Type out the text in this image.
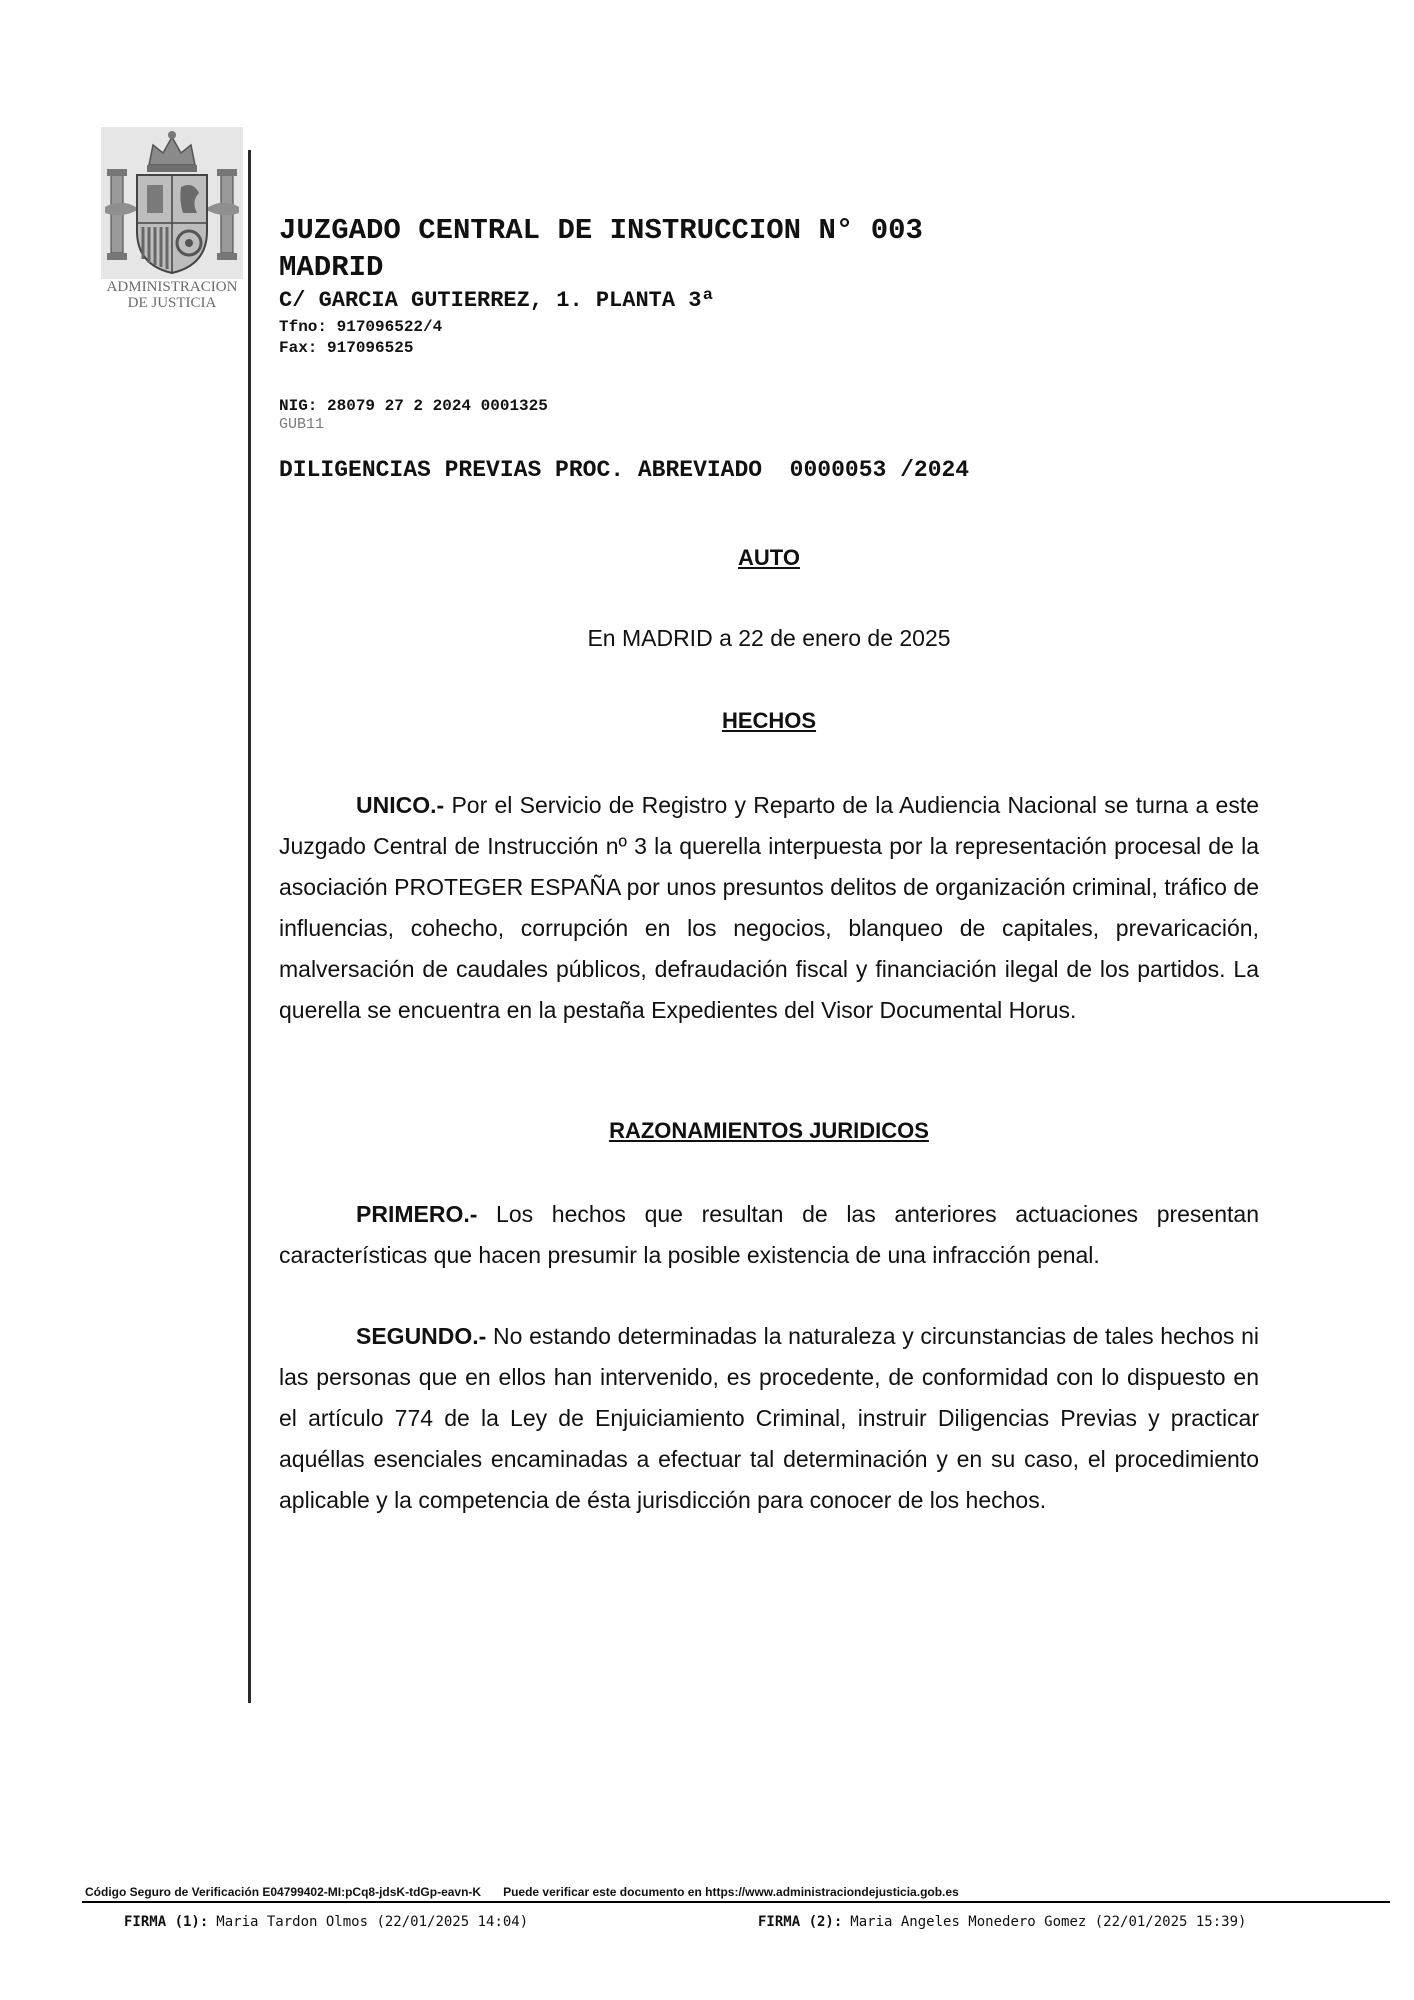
ADMINISTRACION
DE JUSTICIA
JUZGADO CENTRAL DE INSTRUCCION N° 003
MADRID
C/ GARCIA GUTIERREZ, 1. PLANTA 3ª
Tfno: 917096522/4
Fax: 917096525
NIG: 28079 27 2 2024 0001325
GUB11
DILIGENCIAS PREVIAS PROC. ABREVIADO  0000053 /2024
AUTO
En MADRID a 22 de enero de 2025
HECHOS

UNICO.- Por el Servicio de Registro y Reparto de la Audiencia Nacional se turna a este Juzgado Central de Instrucción nº 3 la querella interpuesta por la representación procesal de la asociación PROTEGER ESPAÑA por unos presuntos delitos de organización criminal, tráfico de influencias, cohecho, corrupción en los negocios, blanqueo de capitales, prevaricación, malversación de caudales públicos, defraudación fiscal y financiación ilegal de los partidos. La querella se encuentra en la pestaña Expedientes del Visor Documental Horus.

RAZONAMIENTOS JURIDICOS

PRIMERO.- Los hechos que resultan de las anteriores actuaciones presentan características que hacen presumir la posible existencia de una infracción penal.

SEGUNDO.- No estando determinadas la naturaleza y circunstancias de tales hechos ni las personas que en ellos han intervenido, es procedente, de conformidad con lo dispuesto en el artículo 774 de la Ley de Enjuiciamiento Criminal, instruir Diligencias Previas y practicar aquéllas esenciales encaminadas a efectuar tal determinación y en su caso, el procedimiento aplicable y la competencia de ésta jurisdicción para conocer de los hechos.

Código Seguro de Verificación E04799402-MI:pCq8-jdsK-tdGp-eavn-K Puede verificar este documento en https://www.administraciondejusticia.gob.es
FIRMA (1): Maria Tardon Olmos (22/01/2025 14:04)	FIRMA (2): Maria Angeles Monedero Gomez (22/01/2025 15:39)
